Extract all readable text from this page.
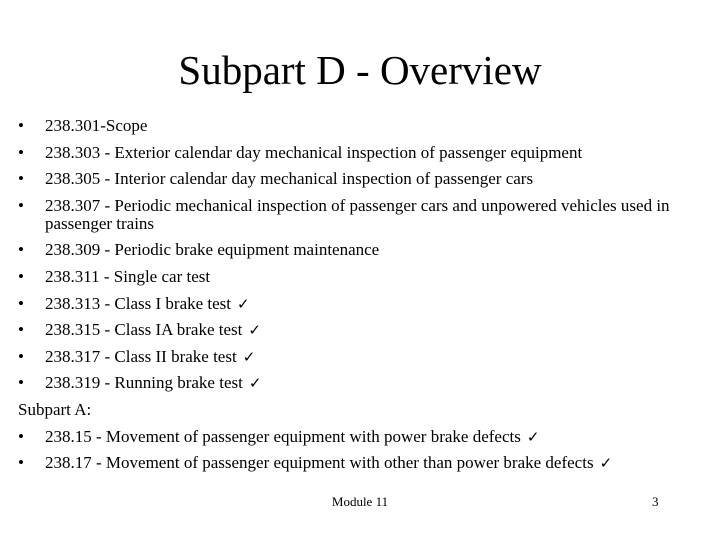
Subpart D - Overview
•	238.301-Scope
•	238.303 - Exterior calendar day mechanical inspection of passenger equipment
•	238.305 - Interior calendar day mechanical inspection of passenger cars
•	238.307 - Periodic mechanical inspection of passenger cars and unpowered vehicles used in passenger trains
•	238.309 - Periodic brake equipment maintenance
•	238.311 - Single car test
•	238.313 - Class I brake test ✓
•	238.315 - Class IA brake test ✓
•	238.317 - Class II brake test ✓
•	238.319 - Running brake test ✓
Subpart A:
•	238.15 - Movement of passenger equipment with power brake defects ✓
•	238.17 - Movement of passenger equipment with other than power brake defects ✓
Module 11	3
